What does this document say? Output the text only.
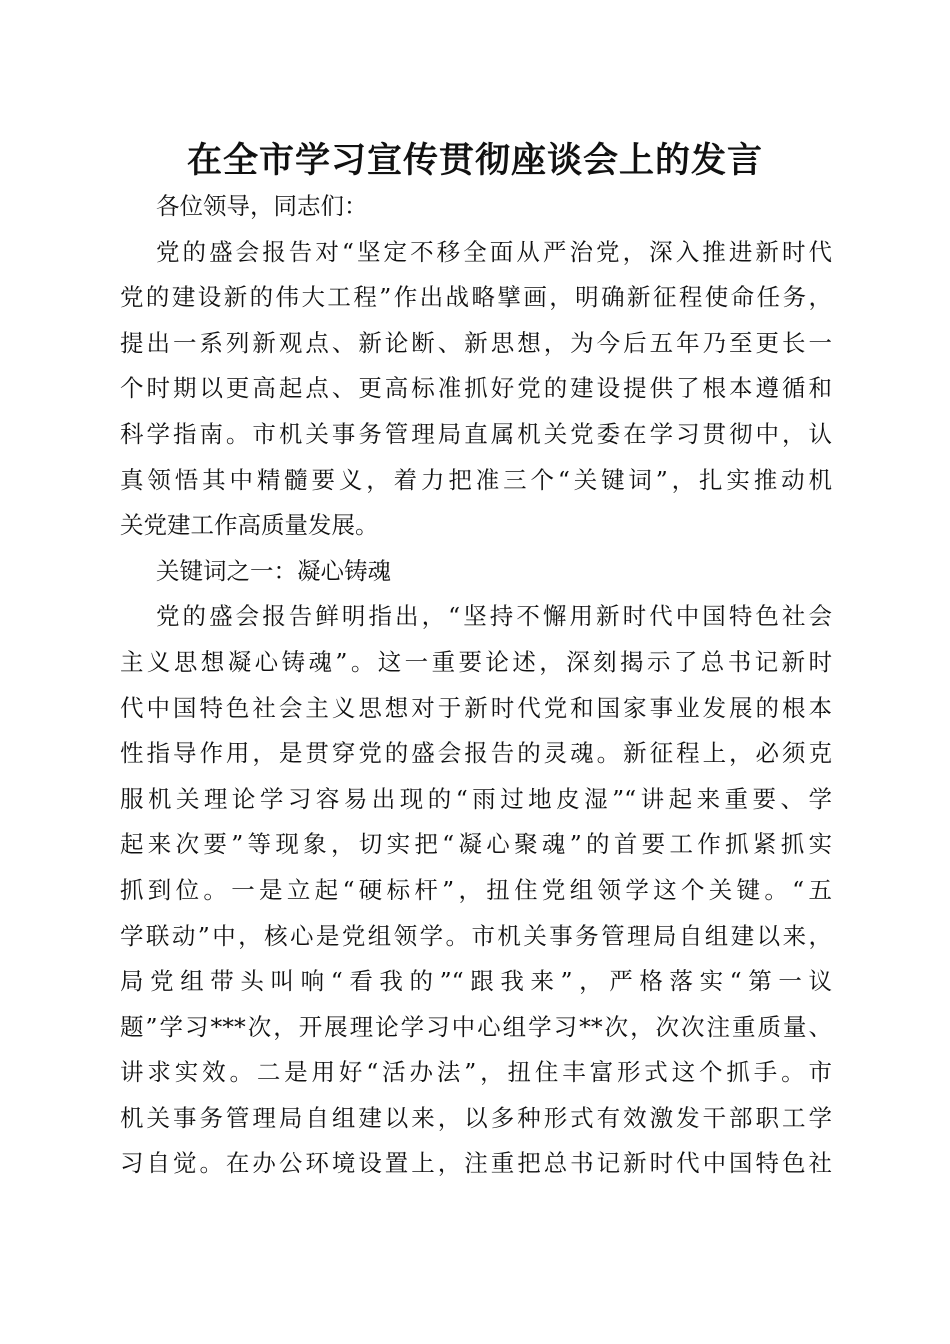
在全市学习宣传贯彻座谈会上的发言
各位领导，同志们：
党的盛会报告对“坚定不移全面从严治党，深入推进新时代
党的建设新的伟大工程”作出战略擘画，明确新征程使命任务，
提出一系列新观点、新论断、新思想，为今后五年乃至更长一
个时期以更高起点、更高标准抓好党的建设提供了根本遵循和
科学指南。市机关事务管理局直属机关党委在学习贯彻中，认
真领悟其中精髓要义，着力把准三个“关键词”，扎实推动机
关党建工作高质量发展。
关键词之一：凝心铸魂
党的盛会报告鲜明指出，“坚持不懈用新时代中国特色社会
主义思想凝心铸魂”。这一重要论述，深刻揭示了总书记新时
代中国特色社会主义思想对于新时代党和国家事业发展的根本
性指导作用，是贯穿党的盛会报告的灵魂。新征程上，必须克
服机关理论学习容易出现的“雨过地皮湿”“讲起来重要、学
起来次要”等现象，切实把“凝心聚魂”的首要工作抓紧抓实
抓到位。一是立起“硬标杆”，扭住党组领学这个关键。“五
学联动”中，核心是党组领学。市机关事务管理局自组建以来，
局党组带头叫响“看我的”“跟我来”，严格落实“第一议
题”学习***次，开展理论学习中心组学习**次，次次注重质量、
讲求实效。二是用好“活办法”，扭住丰富形式这个抓手。市
机关事务管理局自组建以来，以多种形式有效激发干部职工学
习自觉。在办公环境设置上，注重把总书记新时代中国特色社
